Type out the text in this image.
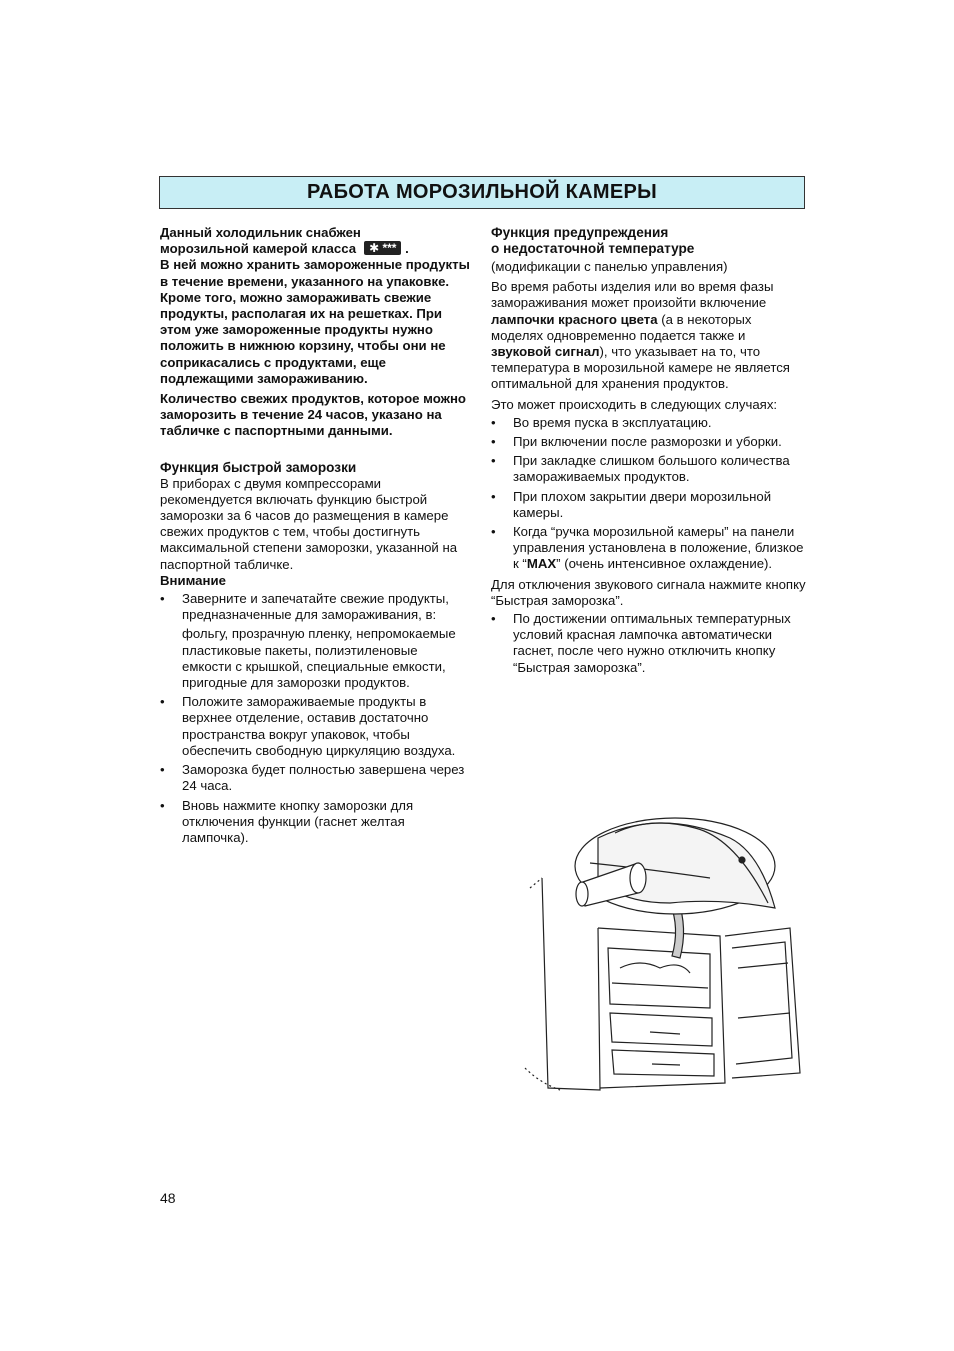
РАБОТА МОРОЗИЛЬНОЙ КАМЕРЫ

Данный холодильник снабжен
морозильной камерой класса ✱ *** .
В ней можно хранить замороженные продукты в течение времени, указанного на упаковке. Кроме того, можно замораживать свежие продукты, располагая их на решетках. При этом уже замороженные продукты нужно положить в нижнюю корзину, чтобы они не соприкасались с продуктами, еще подлежащими замораживанию.

Количество свежих продуктов, которое можно заморозить в течение 24 часов, указано на табличке с паспортными данными.

Функция быстрой заморозки

В приборах с двумя компрессорами рекомендуется включать функцию быстрой заморозки за 6 часов до размещения в камере свежих продуктов с тем, чтобы достигнуть максимальной степени заморозки, указанной на паспортной табличке.

Внимание

• Заверните и запечатайте свежие продукты, предназначенные для замораживания, в:
фольгу, прозрачную пленку, непромокаемые пластиковые пакеты, полиэтиленовые емкости с крышкой, специальные емкости, пригодные для заморозки продуктов.
• Положите замораживаемые продукты в верхнее отделение, оставив достаточно пространства вокруг упаковок, чтобы обеспечить свободную циркуляцию воздуха.
• Заморозка будет полностью завершена через 24 часа.
• Вновь нажмите кнопку заморозки для отключения функции (гаснет желтая лампочка).
Функция предупреждения
о недостаточной температуре

(модификации с панелью управления)

Во время работы изделия или во время фазы замораживания может произойти включение лампочки красного цвета (а в некоторых моделях одновременно подается также и звуковой сигнал), что указывает на то, что температура в морозильной камере не является оптимальной для хранения продуктов.

Это может происходить в следующих случаях:

• Во время пуска в эксплуатацию.
• При включении после разморозки и уборки.
• При закладке слишком большого количества замораживаемых продуктов.
• При плохом закрытии двери морозильной камеры.
• Когда “ручка морозильной камеры” на панели управления установлена в положение, близкое к “MAX” (очень интенсивное охлаждение).

Для отключения звукового сигнала нажмите кнопку “Быстрая заморозка”.

• По достижении оптимальных температурных условий красная лампочка автоматически гаснет, после чего нужно отключить кнопку “Быстрая заморозка”.
48
